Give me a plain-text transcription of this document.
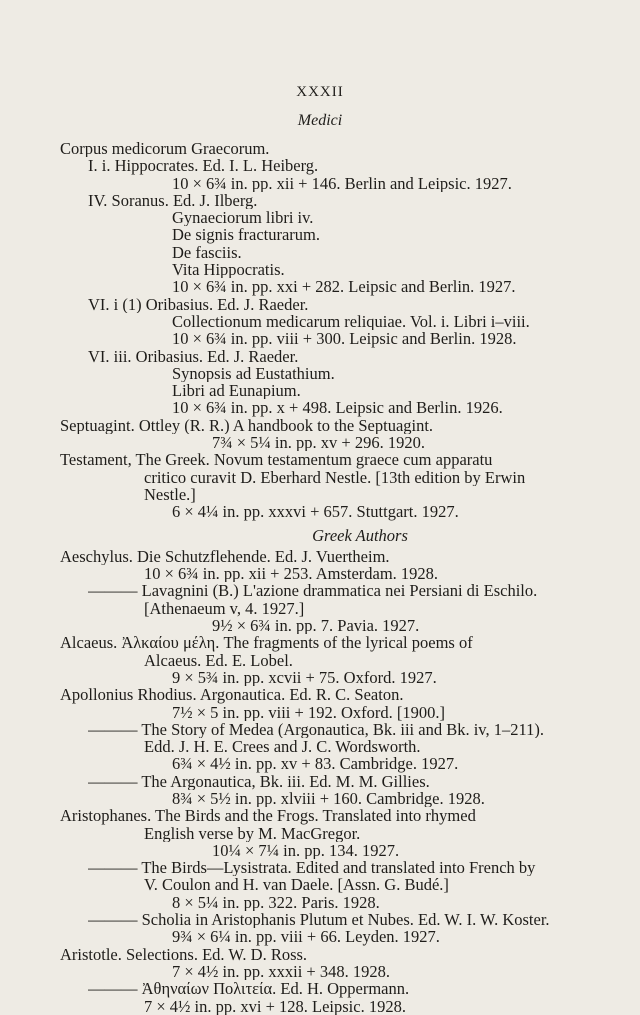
XXXII
Medici
Corpus medicorum Graecorum.
I. i. Hippocrates. Ed. I. L. Heiberg.
10 × 6¾ in. pp. xii + 146. Berlin and Leipsic. 1927.
IV. Soranus. Ed. J. Ilberg.
Gynaeciorum libri iv.
De signis fracturarum.
De fasciis.
Vita Hippocratis.
10 × 6¾ in. pp. xxi + 282. Leipsic and Berlin. 1927.
VI. i (1) Oribasius. Ed. J. Raeder.
Collectionum medicarum reliquiae. Vol. i. Libri i–viii.
10 × 6¾ in. pp. viii + 300. Leipsic and Berlin. 1928.
VI. iii. Oribasius. Ed. J. Raeder.
Synopsis ad Eustathium.
Libri ad Eunapium.
10 × 6¾ in. pp. x + 498. Leipsic and Berlin. 1926.
Septuagint. Ottley (R. R.) A handbook to the Septuagint.
7¾ × 5¼ in. pp. xv + 296. 1920.
Testament, The Greek. Novum testamentum graece cum apparatu
critico curavit D. Eberhard Nestle. [13th edition by Erwin
Nestle.]
6 × 4¼ in. pp. xxxvi + 657. Stuttgart. 1927.
Greek Authors
Aeschylus. Die Schutzflehende. Ed. J. Vuertheim.
10 × 6¾ in. pp. xii + 253. Amsterdam. 1928.
——— Lavagnini (B.) L'azione drammatica nei Persiani di Eschilo.
[Athenaeum v, 4. 1927.]
9½ × 6¾ in. pp. 7. Pavia. 1927.
Alcaeus. Ἀλκαίου μέλη. The fragments of the lyrical poems of
Alcaeus. Ed. E. Lobel.
9 × 5¾ in. pp. xcvii + 75. Oxford. 1927.
Apollonius Rhodius. Argonautica. Ed. R. C. Seaton.
7½ × 5 in. pp. viii + 192. Oxford. [1900.]
——— The Story of Medea (Argonautica, Bk. iii and Bk. iv, 1–211).
Edd. J. H. E. Crees and J. C. Wordsworth.
6¾ × 4½ in. pp. xv + 83. Cambridge. 1927.
——— The Argonautica, Bk. iii. Ed. M. M. Gillies.
8¾ × 5½ in. pp. xlviii + 160. Cambridge. 1928.
Aristophanes. The Birds and the Frogs. Translated into rhymed
English verse by M. MacGregor.
10¼ × 7¼ in. pp. 134. 1927.
——— The Birds—Lysistrata. Edited and translated into French by
V. Coulon and H. van Daele. [Assn. G. Budé.]
8 × 5¼ in. pp. 322. Paris. 1928.
——— Scholia in Aristophanis Plutum et Nubes. Ed. W. I. W. Koster.
9¾ × 6¼ in. pp. viii + 66. Leyden. 1927.
Aristotle. Selections. Ed. W. D. Ross.
7 × 4½ in. pp. xxxii + 348. 1928.
——— Ἀθηναίων Πολιτεία. Ed. H. Oppermann.
7 × 4½ in. pp. xvi + 128. Leipsic. 1928.
